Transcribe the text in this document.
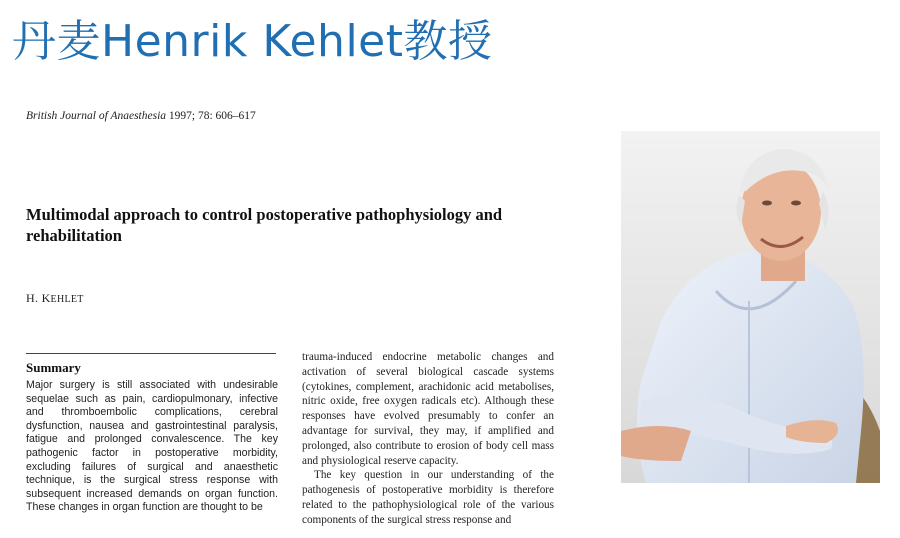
丹麦Henrik Kehlet教授
British Journal of Anaesthesia 1997; 78: 606–617
Multimodal approach to control postoperative pathophysiology and rehabilitation
H. KEHLET
Summary
Major surgery is still associated with undesirable sequelae such as pain, cardiopulmonary, infective and thromboembolic complications, cerebral dysfunction, nausea and gastrointestinal paralysis, fatigue and prolonged convalescence. The key pathogenic factor in postoperative morbidity, excluding failures of surgical and anaesthetic technique, is the surgical stress response with subsequent increased demands on organ function. These changes in organ function are thought to be

trauma-induced endocrine metabolic changes and activation of several biological cascade systems (cytokines, complement, arachidonic acid metabolises, nitric oxide, free oxygen radicals etc). Although these responses have evolved presumably to confer an advantage for survival, they may, if amplified and prolonged, also contribute to erosion of body cell mass and physiological reserve capacity.

The key question in our understanding of the pathogenesis of postoperative morbidity is therefore related to the pathophysiological role of the various components of the surgical stress response and
